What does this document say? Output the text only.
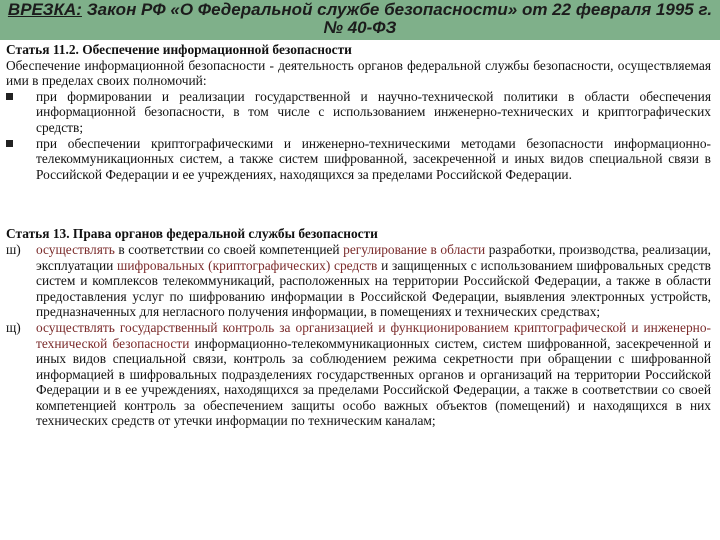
ВРЕЗКА: Закон РФ «О Федеральной службе безопасности» от 22 февраля 1995 г. № 40-ФЗ

Статья 11.2. Обеспечение информационной безопасности
Обеспечение информационной безопасности - деятельность органов федеральной службы безопасности, осуществляемая ими в пределах своих полномочий:
при формировании и реализации государственной и научно-технической политики в области обеспечения информационной безопасности, в том числе с использованием инженерно-технических и криптографических средств;
при обеспечении криптографическими и инженерно-техническими методами безопасности информационно-телекоммуникационных систем, а также систем шифрованной, засекреченной и иных видов специальной связи в Российской Федерации и ее учреждениях, находящихся за пределами Российской Федерации.
Статья 13. Права органов федеральной службы безопасности
ш) осуществлять в соответствии со своей компетенцией регулирование в области разработки, производства, реализации, эксплуатации шифровальных (криптографических) средств и защищенных с использованием шифровальных средств систем и комплексов телекоммуникаций, расположенных на территории Российской Федерации, а также в области предоставления услуг по шифрованию информации в Российской Федерации, выявления электронных устройств, предназначенных для негласного получения информации, в помещениях и технических средствах;
щ) осуществлять государственный контроль за организацией и функционированием криптографической и инженерно-технической безопасности информационно-телекоммуникационных систем, систем шифрованной, засекреченной и иных видов специальной связи, контроль за соблюдением режима секретности при обращении с шифрованной информацией в шифровальных подразделениях государственных органов и организаций на территории Российской Федерации и в ее учреждениях, находящихся за пределами Российской Федерации, а также в соответствии со своей компетенцией контроль за обеспечением защиты особо важных объектов (помещений) и находящихся в них технических средств от утечки информации по техническим каналам;
